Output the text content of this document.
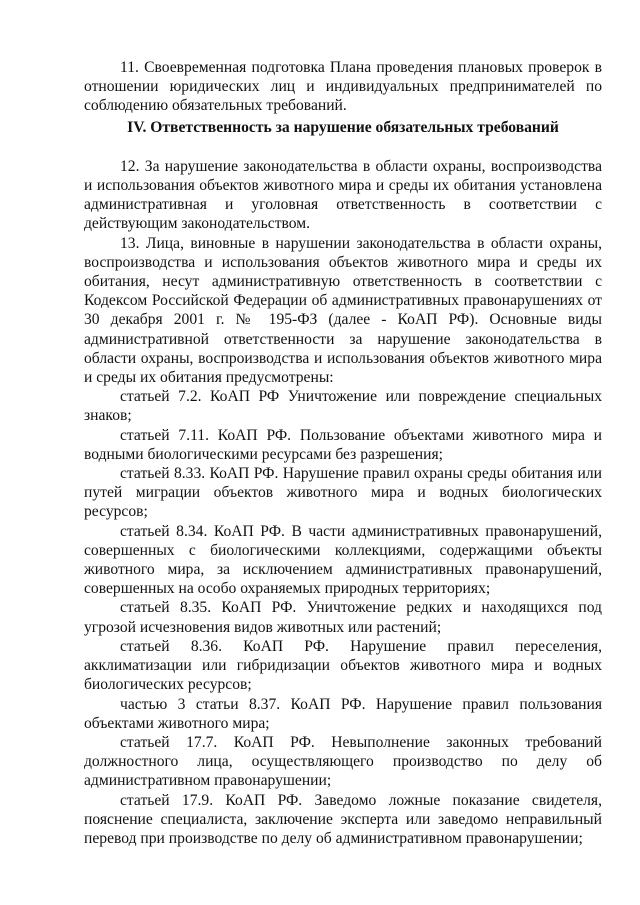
11. Своевременная подготовка Плана проведения плановых проверок в отношении юридических лиц и индивидуальных предпринимателей по соблюдению обязательных требований.

IV. Ответственность за нарушение обязательных требований

12. За нарушение законодательства в области охраны, воспроизводства и использования объектов животного мира и среды их обитания установлена административная и уголовная ответственность в соответствии с действующим законодательством.

13. Лица, виновные в нарушении законодательства в области охраны, воспроизводства и использования объектов животного мира и среды их обитания, несут административную ответственность в соответствии с Кодексом Российской Федерации об административных правонарушениях от 30 декабря 2001 г. № 195-ФЗ (далее - КоАП РФ). Основные виды административной ответственности за нарушение законодательства в области охраны, воспроизводства и использования объектов животного мира и среды их обитания предусмотрены:

статьей 7.2. КоАП РФ Уничтожение или повреждение специальных знаков;

статьей 7.11. КоАП РФ. Пользование объектами животного мира и водными биологическими ресурсами без разрешения;

статьей 8.33. КоАП РФ. Нарушение правил охраны среды обитания или путей миграции объектов животного мира и водных биологических ресурсов;

статьей 8.34. КоАП РФ. В части административных правонарушений, совершенных с биологическими коллекциями, содержащими объекты животного мира, за исключением административных правонарушений, совершенных на особо охраняемых природных территориях;

статьей 8.35. КоАП РФ. Уничтожение редких и находящихся под угрозой исчезновения видов животных или растений;

статьей 8.36. КоАП РФ. Нарушение правил переселения, акклиматизации или гибридизации объектов животного мира и водных биологических ресурсов;

частью 3 статьи 8.37. КоАП РФ. Нарушение правил пользования объектами животного мира;

статьей 17.7. КоАП РФ. Невыполнение законных требований должностного лица, осуществляющего производство по делу об административном правонарушении;

статьей 17.9. КоАП РФ. Заведомо ложные показание свидетеля, пояснение специалиста, заключение эксперта или заведомо неправильный перевод при производстве по делу об административном правонарушении;
